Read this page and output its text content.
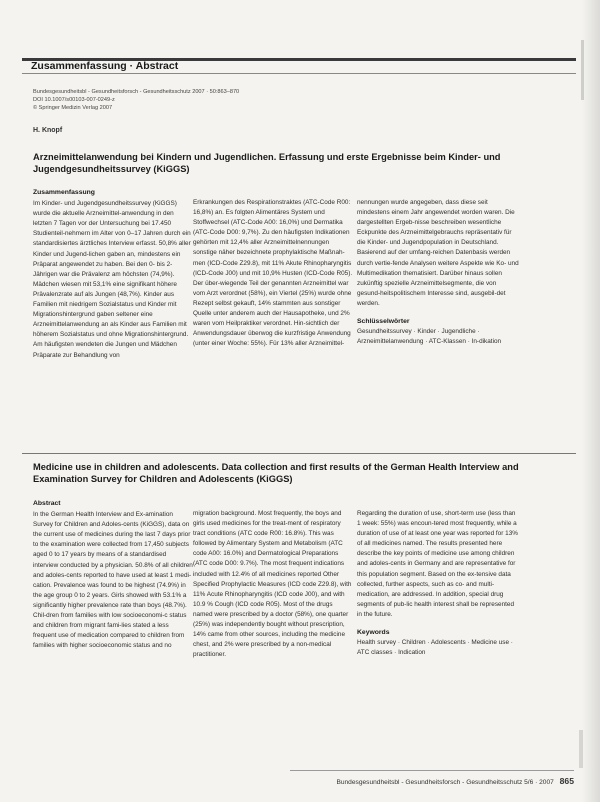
Zusammenfassung · Abstract
Bundesgesundheitsbl - Gesundheitsforsch - Gesundheitsschutz 2007 · 50:863–870
DOI 10.1007/s00103-007-0249-z
© Springer Medizin Verlag 2007
H. Knopf
Arzneimittelanwendung bei Kindern und Jugendlichen. Erfassung und erste Ergebnisse beim Kinder- und Jugendgesundheitssurvey (KiGGS)
Zusammenfassung

Im Kinder- und Jugendgesundheitssurvey (KiGGS) wurde die aktuelle Arzneimittel-anwendung in den letzten 7 Tagen vor der Untersuchung bei 17.450 Studienteil-nehmern im Alter von 0–17 Jahren durch ein standardisiertes ärztliches Interview erfasst. 50,8% aller Kinder und Jugend-lichen gaben an, mindestens ein Präparat angewendet zu haben. Bei den 0- bis 2-Jährigen war die Prävalenz am höchsten (74,9%). Mädchen wiesen mit 53,1% eine signifikant höhere Prävalenzrate auf als Jungen (48,7%). Kinder aus Familien mit niedrigem Sozialstatus und Kinder mit Migrationshintergrund gaben seltener eine Arzneimittelanwendung an als Kinder aus Familien mit höherem Sozialstatus und ohne Migrationshintergrund. Am häufigsten wendeten die Jungen und Mädchen Präparate zur Behandlung von

Erkrankungen des Respirationstraktes (ATC-Code R00: 16,8%) an. Es folgten Alimentäres System und Stoffwechsel (ATC-Code A00: 16,0%) und Dermatika (ATC-Code D00: 9,7%). Zu den häufigsten Indikationen gehörten mit 12,4% aller Arzneimittelnennungen sonstige näher bezeichnete prophylaktische Maßnah-men (ICD-Code Z29.8), mit 11% Akute Rhinopharyngitis (ICD-Code J00) und mit 10,9% Husten (ICD-Code R05). Der über-wiegende Teil der genannten Arzneimittel war vom Arzt verordnet (58%), ein Viertel (25%) wurde ohne Rezept selbst gekauft, 14% stammten aus sonstiger Quelle unter anderem auch der Hausapotheke, und 2% waren vom Heilpraktiker verordnet. Hin-sichtlich der Anwendungsdauer überwog die kurzfristige Anwendung (unter einer Woche: 55%). Für 13% aller Arzneimittel-

nennungen wurde angegeben, dass diese seit mindestens einem Jahr angewendet worden waren. Die dargestellten Ergeb-nisse beschreiben wesentliche Eckpunkte des Arzneimittelgebrauchs repräsentativ für die Kinder- und Jugendpopulation in Deutschland. Basierend auf der umfang-reichen Datenbasis werden durch vertie-fende Analysen weitere Aspekte wie Ko- und Multimedikation thematisiert. Darüber hinaus sollen zukünftig spezielle Arzneimittelsegmente, die von gesund-heitspolitischem Interesse sind, ausgebil-det werden.

Schlüsselwörter

Gesundheitssurvey · Kinder · Jugendliche · Arzneimittelanwendung · ATC-Klassen · In-dikation

Medicine use in children and adolescents. Data collection and first results of the German Health Interview and Examination Survey for Children and Adolescents (KiGGS)
Abstract

In the German Health Interview and Ex-amination Survey for Children and Adoles-cents (KiGGS), data on the current use of medicines during the last 7 days prior to the examination were collected from 17,450 subjects aged 0 to 17 years by means of a standardised interview conducted by a physician. 50.8% of all children and adoles-cents reported to have used at least 1 medi-cation. Prevalence was found to be highest (74.9%) in the age group 0 to 2 years. Girls showed with 53.1% a significantly higher prevalence rate than boys (48.7%). Chil-dren from families with low socioeconomi-c status and children from migrant fami-lies stated a less frequent use of medication compared to children from families with higher socioeconomic status and no

migration background. Most frequently, the boys and girls used medicines for the treat-ment of respiratory tract conditions (ATC code R00: 16.8%). This was followed by Alimentary System and Metabolism (ATC code A00: 16.0%) and Dermatological Preparations (ATC code D00: 9.7%). The most frequent indications included with 12.4% of all medicines reported Other Specified Prophylactic Measures (ICD code Z29.8), with 11% Acute Rhinopharyngitis (ICD code J00), and with 10.9 % Cough (ICD code R05). Most of the drugs named were prescribed by a doctor (58%), one quarter (25%) was independently bought without prescription, 14% came from other sources, including the medicine chest, and 2% were prescribed by a non-medical practitioner.

Regarding the duration of use, short-term use (less than 1 week: 55%) was encoun-tered most frequently, while a duration of use of at least one year was reported for 13% of all medicines named. The results presented here describe the key points of medicine use among children and adoles-cents in Germany and are representative for this population segment. Based on the ex-tensive data collected, further aspects, such as co- and multi-medication, are addressed. In addition, special drug segments of pub-lic health interest shall be represented in the future.

Keywords

Health survey · Children · Adolescents · Medicine use · ATC classes · Indication

Bundesgesundheitsbl - Gesundheitsforsch - Gesundheitsschutz 5/6 · 2007 865
